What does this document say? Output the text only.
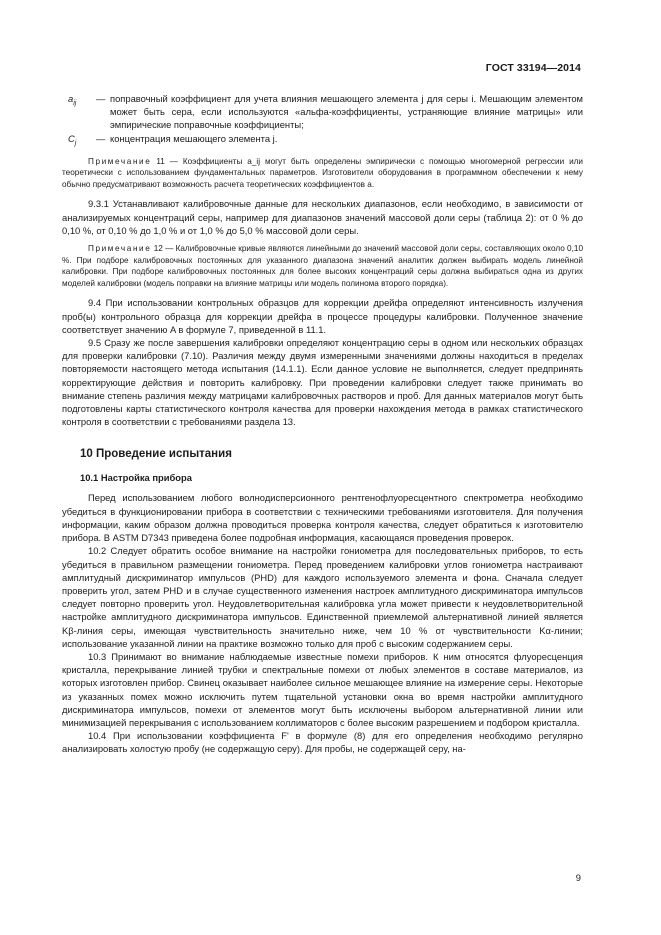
ГОСТ 33194—2014
$a_{ij}$	— поправочный коэффициент для учета влияния мешающего элемента j для серы i. Мешающим элементом может быть сера, если используются «альфа-коэффициенты, устраняющие влияние матрицы» или эмпирические поправочные коэффициенты;
$C_j$	— концентрация мешающего элемента j.

Примечание 11 — Коэффициенты a_ij могут быть определены эмпирически с помощью многомерной регрессии или теоретически с использованием фундаментальных параметров. Изготовители оборудования в программном обеспечении к нему обычно предусматривают возможность расчета теоретических коэффициентов a.

9.3.1 Устанавливают калибровочные данные для нескольких диапазонов, если необходимо, в зависимости от анализируемых концентраций серы, например для диапазонов значений массовой доли серы (таблица 2): от 0 % до 0,10 %, от 0,10 % до 1,0 % и от 1,0 % до 5,0 % массовой доли серы.

Примечание 12 — Калибровочные кривые являются линейными до значений массовой доли серы, составляющих около 0,10 %. При подборе калибровочных постоянных для указанного диапазона значений аналитик должен выбирать модель линейной калибровки. При подборе калибровочных постоянных для более высоких концентраций серы должна выбираться одна из других моделей калибровки (модель поправки на влияние матрицы или модель полинома второго порядка).

9.4 При использовании контрольных образцов для коррекции дрейфа определяют интенсивность излучения проб(ы) контрольного образца для коррекции дрейфа в процессе процедуры калибровки. Полученное значение соответствует значению A в формуле 7, приведенной в 11.1.

9.5 Сразу же после завершения калибровки определяют концентрацию серы в одном или нескольких образцах для проверки калибровки (7.10). Различия между двумя измеренными значениями должны находиться в пределах повторяемости настоящего метода испытания (14.1.1). Если данное условие не выполняется, следует предпринять корректирующие действия и повторить калибровку. При проведении калибровки следует также принимать во внимание степень различия между матрицами калибровочных растворов и проб. Для данных материалов могут быть подготовлены карты статистического контроля качества для проверки нахождения метода в рамках статистического контроля в соответствии с требованиями раздела 13.

10 Проведение испытания
10.1 Настройка прибора

Перед использованием любого волнодисперсионного рентгенофлуоресцентного спектрометра необходимо убедиться в функционировании прибора в соответствии с техническими требованиями изготовителя. Для получения информации, каким образом должна проводиться проверка контроля качества, следует обратиться к изготовителю прибора. В ASTM D7343 приведена более подробная информация, касающаяся проведения проверок.

10.2 Следует обратить особое внимание на настройки гониометра для последовательных приборов, то есть убедиться в правильном размещении гониометра. Перед проведением калибровки углов гониометра настраивают амплитудный дискриминатор импульсов (PHD) для каждого используемого элемента и фона. Сначала следует проверить угол, затем PHD и в случае существенного изменения настроек амплитудного дискриминатора импульсов следует повторно проверить угол. Неудовлетворительная калибровка угла может привести к неудовлетворительной настройке амплитудного дискриминатора импульсов. Единственной приемлемой альтернативной линией является Kβ-линия серы, имеющая чувствительность значительно ниже, чем 10 % от чувствительности Kα-линии; использование указанной линии на практике возможно только для проб с высоким содержанием серы.

10.3 Принимают во внимание наблюдаемые известные помехи приборов. К ним относятся флуоресценция кристалла, перекрывание линией трубки и спектральные помехи от любых элементов в составе материалов, из которых изготовлен прибор. Свинец оказывает наиболее сильное мешающее влияние на измерение серы. Некоторые из указанных помех можно исключить путем тщательной установки окна во время настройки амплитудного дискриминатора импульсов, помехи от элементов могут быть исключены выбором альтернативной линии или минимизацией перекрывания с использованием коллиматоров с более высоким разрешением и подбором кристалла.

10.4 При использовании коэффициента F' в формуле (8) для его определения необходимо регулярно анализировать холостую пробу (не содержащую серу). Для пробы, не содержащей серу, на-

9
